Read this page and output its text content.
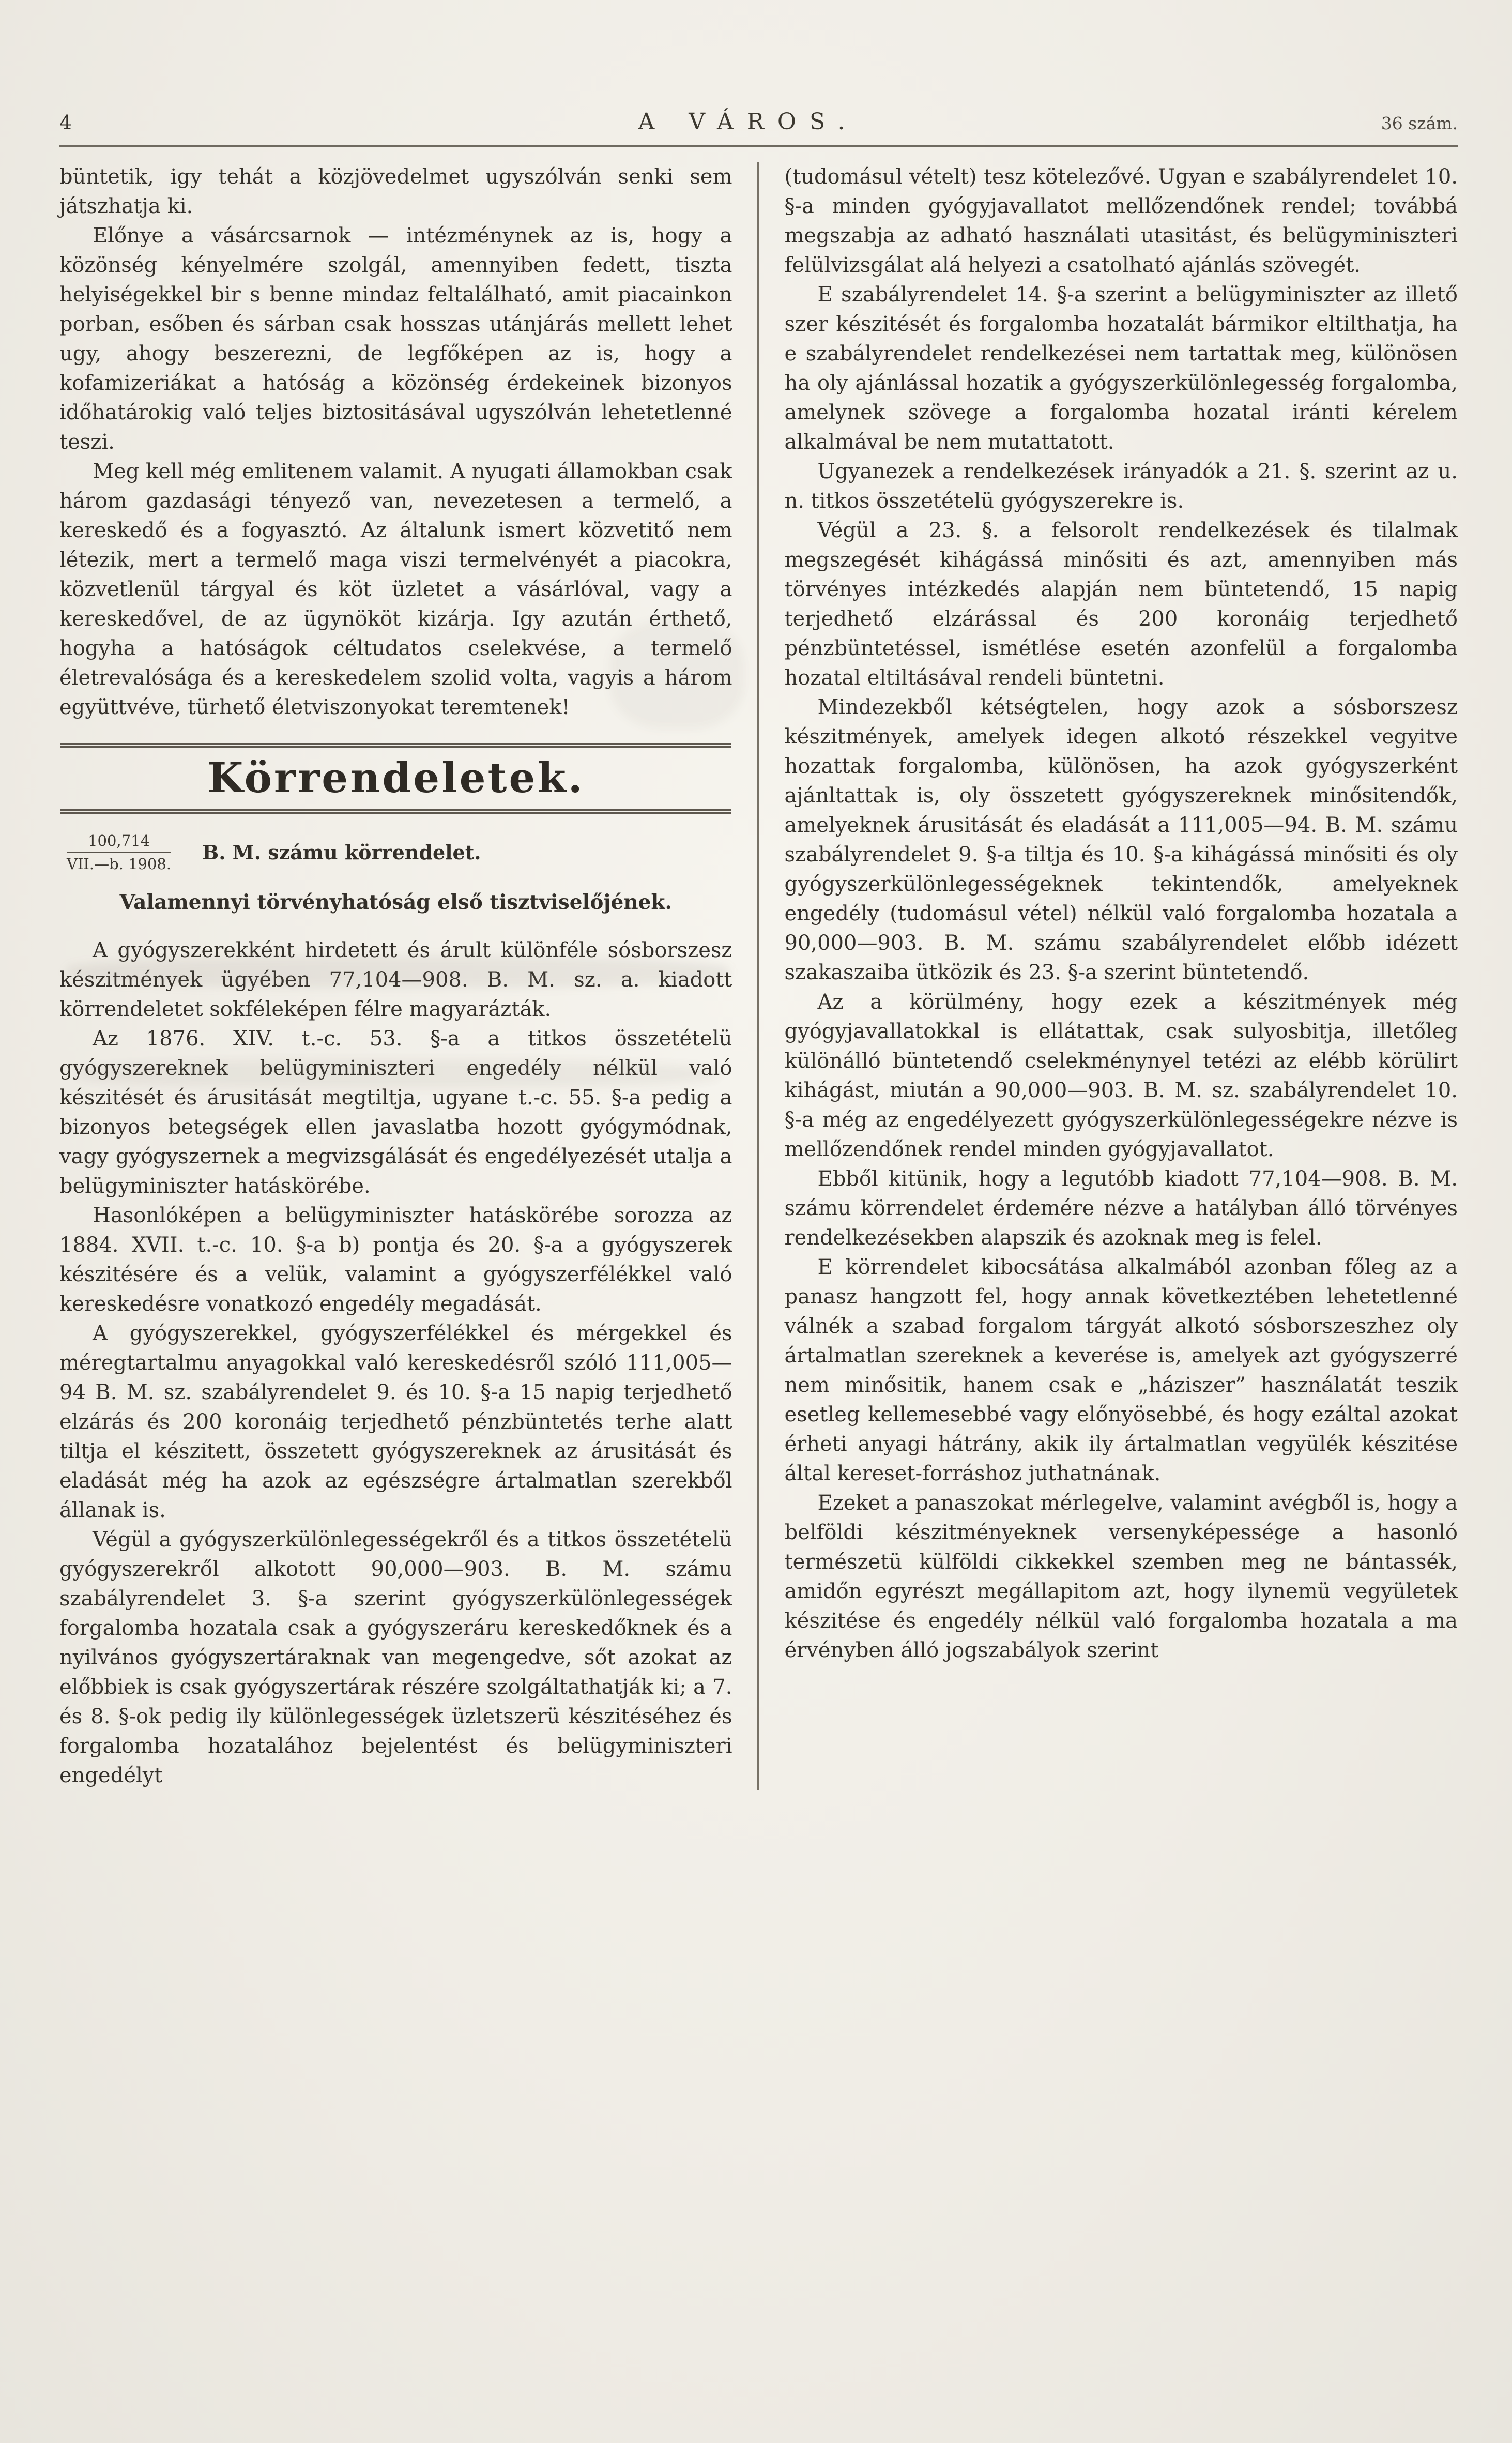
4	A VÁROS.	36 szám.

büntetik, igy tehát a közjövedelmet ugyszólván senki sem játszhatja ki.

Előnye a vásárcsarnok — intézménynek az is, hogy a közönség kényelmére szolgál, amennyiben fedett, tiszta helyiségekkel bir s benne mindaz feltalálható, amit piacainkon porban, esőben és sárban csak hosszas utánjárás mellett lehet ugy, ahogy beszerezni, de legfőképen az is, hogy a kofamizeriákat a hatóság a közönség érdekeinek bizonyos időhatárokig való teljes biztositásával ugyszólván lehetetlenné teszi.

Meg kell még emlitenem valamit. A nyugati államokban csak három gazdasági tényező van, nevezetesen a termelő, a kereskedő és a fogyasztó. Az általunk ismert közvetitő nem létezik, mert a termelő maga viszi termelvényét a piacokra, közvetlenül tárgyal és köt üzletet a vásárlóval, vagy a kereskedővel, de az ügynököt kizárja. Igy azután érthető, hogyha a hatóságok céltudatos cselekvése, a termelő életrevalósága és a kereskedelem szolid volta, vagyis a három együttvéve, türhető életviszonyokat teremtenek!

Körrendeletek.
$\frac{100,714}{\text{VII.—b. 1908.}} B$. M. számu körrendelet.

Valamennyi törvényhatóság első tisztviselőjének.

A gyógyszerekként hirdetett és árult különféle sósborszesz készitmények ügyében 77,104—908. B. M. sz. a. kiadott körrendeletet sokféleképen félre magyarázták.

Az 1876. XIV. t.-c. 53. §-a a titkos összetételü gyógyszereknek belügyminiszteri engedély nélkül való készitését és árusitását megtiltja, ugyane t.-c. 55. §-a pedig a bizonyos betegségek ellen javaslatba hozott gyógymódnak, vagy gyógyszernek a megvizsgálását és engedélyezését utalja a belügyminiszter hatáskörébe.

Hasonlóképen a belügyminiszter hatáskörébe sorozza az 1884. XVII. t.-c. 10. §-a b) pontja és 20. §-a a gyógyszerek készitésére és a velük, valamint a gyógyszerfélékkel való kereskedésre vonatkozó engedély megadását.

A gyógyszerekkel, gyógyszerfélékkel és mérgekkel és méregtartalmu anyagokkal való kereskedésről szóló 111,005—94 B. M. sz. szabályrendelet 9. és 10. §-a 15 napig terjedhető elzárás és 200 koronáig terjedhető pénzbüntetés terhe alatt tiltja el készitett, összetett gyógyszereknek az árusitását és eladását még ha azok az egészségre ártalmatlan szerekből állanak is.

Végül a gyógyszerkülönlegességekről és a titkos összetételü gyógyszerekről alkotott 90,000—903. B. M. számu szabályrendelet 3. §-a szerint gyógyszerkülönlegességek forgalomba hozatala csak a gyógyszeráru kereskedőknek és a nyilvános gyógyszertáraknak van megengedve, sőt azokat az előbbiek is csak gyógyszertárak részére szolgáltathatják ki; a 7. és 8. §-ok pedig ily különlegességek üzletszerü készitéséhez és forgalomba hozatalához bejelentést és belügyminiszteri engedélyt

(tudomásul vételt) tesz kötelezővé. Ugyan e szabályrendelet 10. §-a minden gyógyjavallatot mellőzendőnek rendel; továbbá megszabja az adható használati utasitást, és belügyminiszteri felülvizsgálat alá helyezi a csatolható ajánlás szövegét.

E szabályrendelet 14. §-a szerint a belügyminiszter az illető szer készitését és forgalomba hozatalát bármikor eltilthatja, ha e szabályrendelet rendelkezései nem tartattak meg, különösen ha oly ajánlással hozatik a gyógyszerkülönlegesség forgalomba, amelynek szövege a forgalomba hozatal iránti kérelem alkalmával be nem mutattatott.

Ugyanezek a rendelkezések irányadók a 21. §. szerint az u. n. titkos összetételü gyógyszerekre is.

Végül a 23. §. a felsorolt rendelkezések és tilalmak megszegését kihágássá minősiti és azt, amennyiben más törvényes intézkedés alapján nem büntetendő, 15 napig terjedhető elzárással és 200 koronáig terjedhető pénzbüntetéssel, ismétlése esetén azonfelül a forgalomba hozatal eltiltásával rendeli büntetni.

Mindezekből kétségtelen, hogy azok a sósborszesz készitmények, amelyek idegen alkotó részekkel vegyitve hozattak forgalomba, különösen, ha azok gyógyszerként ajánltattak is, oly összetett gyógyszereknek minősitendők, amelyeknek árusitását és eladását a 111,005—94. B. M. számu szabályrendelet 9. §-a tiltja és 10. §-a kihágássá minősiti és oly gyógyszerkülönlegességeknek tekintendők, amelyeknek engedély (tudomásul vétel) nélkül való forgalomba hozatala a 90,000—903. B. M. számu szabályrendelet előbb idézett szakaszaiba ütközik és 23. §-a szerint büntetendő.

Az a körülmény, hogy ezek a készitmények még gyógyjavallatokkal is ellátattak, csak sulyosbitja, illetőleg különálló büntetendő cselekménynyel tetézi az elébb körülirt kihágást, miután a 90,000—903. B. M. sz. szabályrendelet 10. §-a még az engedélyezett gyógyszerkülönlegességekre nézve is mellőzendőnek rendel minden gyógyjavallatot.

Ebből kitünik, hogy a legutóbb kiadott 77,104—908. B. M. számu körrendelet érdemére nézve a hatályban álló törvényes rendelkezésekben alapszik és azoknak meg is felel.

E körrendelet kibocsátása alkalmából azonban főleg az a panasz hangzott fel, hogy annak következtében lehetetlenné válnék a szabad forgalom tárgyát alkotó sósborszeszhez oly ártalmatlan szereknek a keverése is, amelyek azt gyógyszerré nem minősitik, hanem csak e „háziszer” használatát teszik esetleg kellemesebbé vagy előnyösebbé, és hogy ezáltal azokat érheti anyagi hátrány, akik ily ártalmatlan vegyülék készitése által kereset-forráshoz juthatnának.

Ezeket a panaszokat mérlegelve, valamint avégből is, hogy a belföldi készitményeknek versenyképessége a hasonló természetü külföldi cikkekkel szemben meg ne bántassék, amidőn egyrészt megállapitom azt, hogy ilynemü vegyületek készitése és engedély nélkül való forgalomba hozatala a ma érvényben álló jogszabályok szerint
